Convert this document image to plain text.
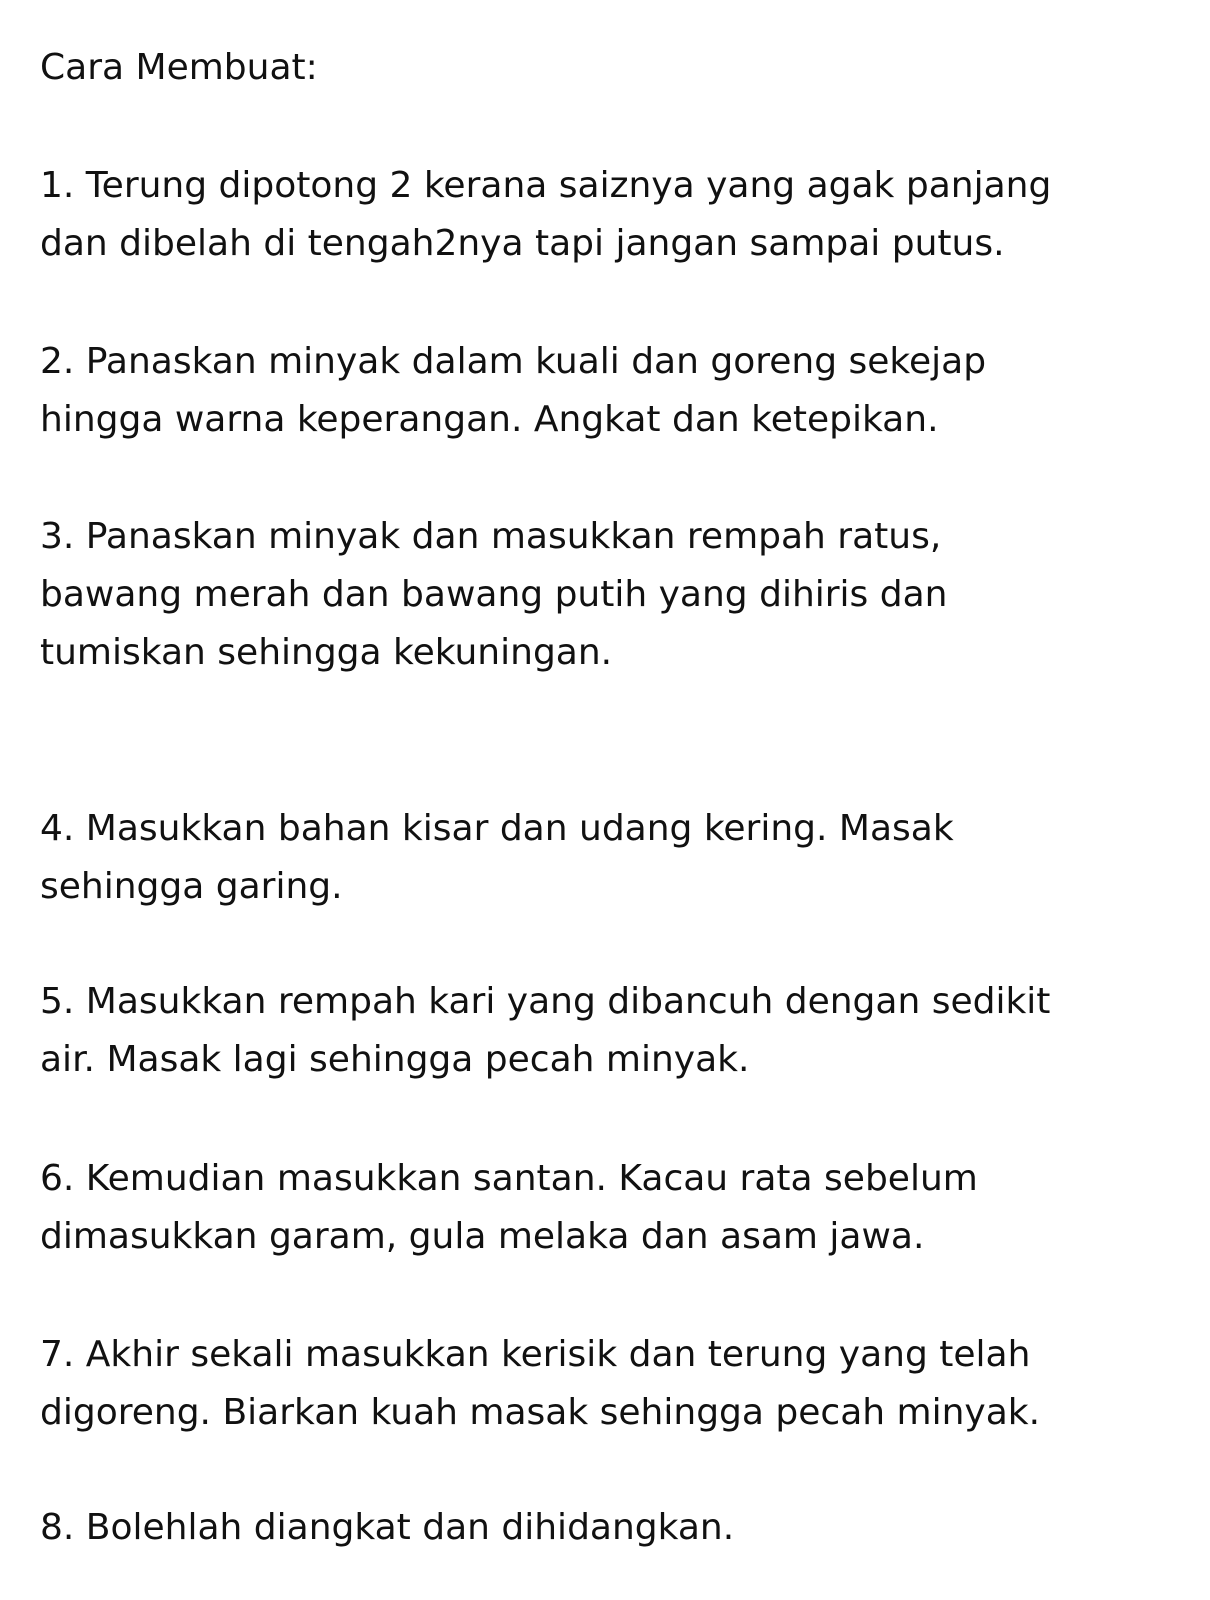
Cara Membuat:
1. Terung dipotong 2 kerana saiznya yang agak panjang
dan dibelah di tengah2nya tapi jangan sampai putus.
2. Panaskan minyak dalam kuali dan goreng sekejap
hingga warna keperangan. Angkat dan ketepikan.
3. Panaskan minyak dan masukkan rempah ratus,
bawang merah dan bawang putih yang dihiris dan
tumiskan sehingga kekuningan.
4. Masukkan bahan kisar dan udang kering. Masak
sehingga garing.
5. Masukkan rempah kari yang dibancuh dengan sedikit
air. Masak lagi sehingga pecah minyak.
6. Kemudian masukkan santan. Kacau rata sebelum
dimasukkan garam, gula melaka dan asam jawa.
7. Akhir sekali masukkan kerisik dan terung yang telah
digoreng. Biarkan kuah masak sehingga pecah minyak.
8. Bolehlah diangkat dan dihidangkan.
